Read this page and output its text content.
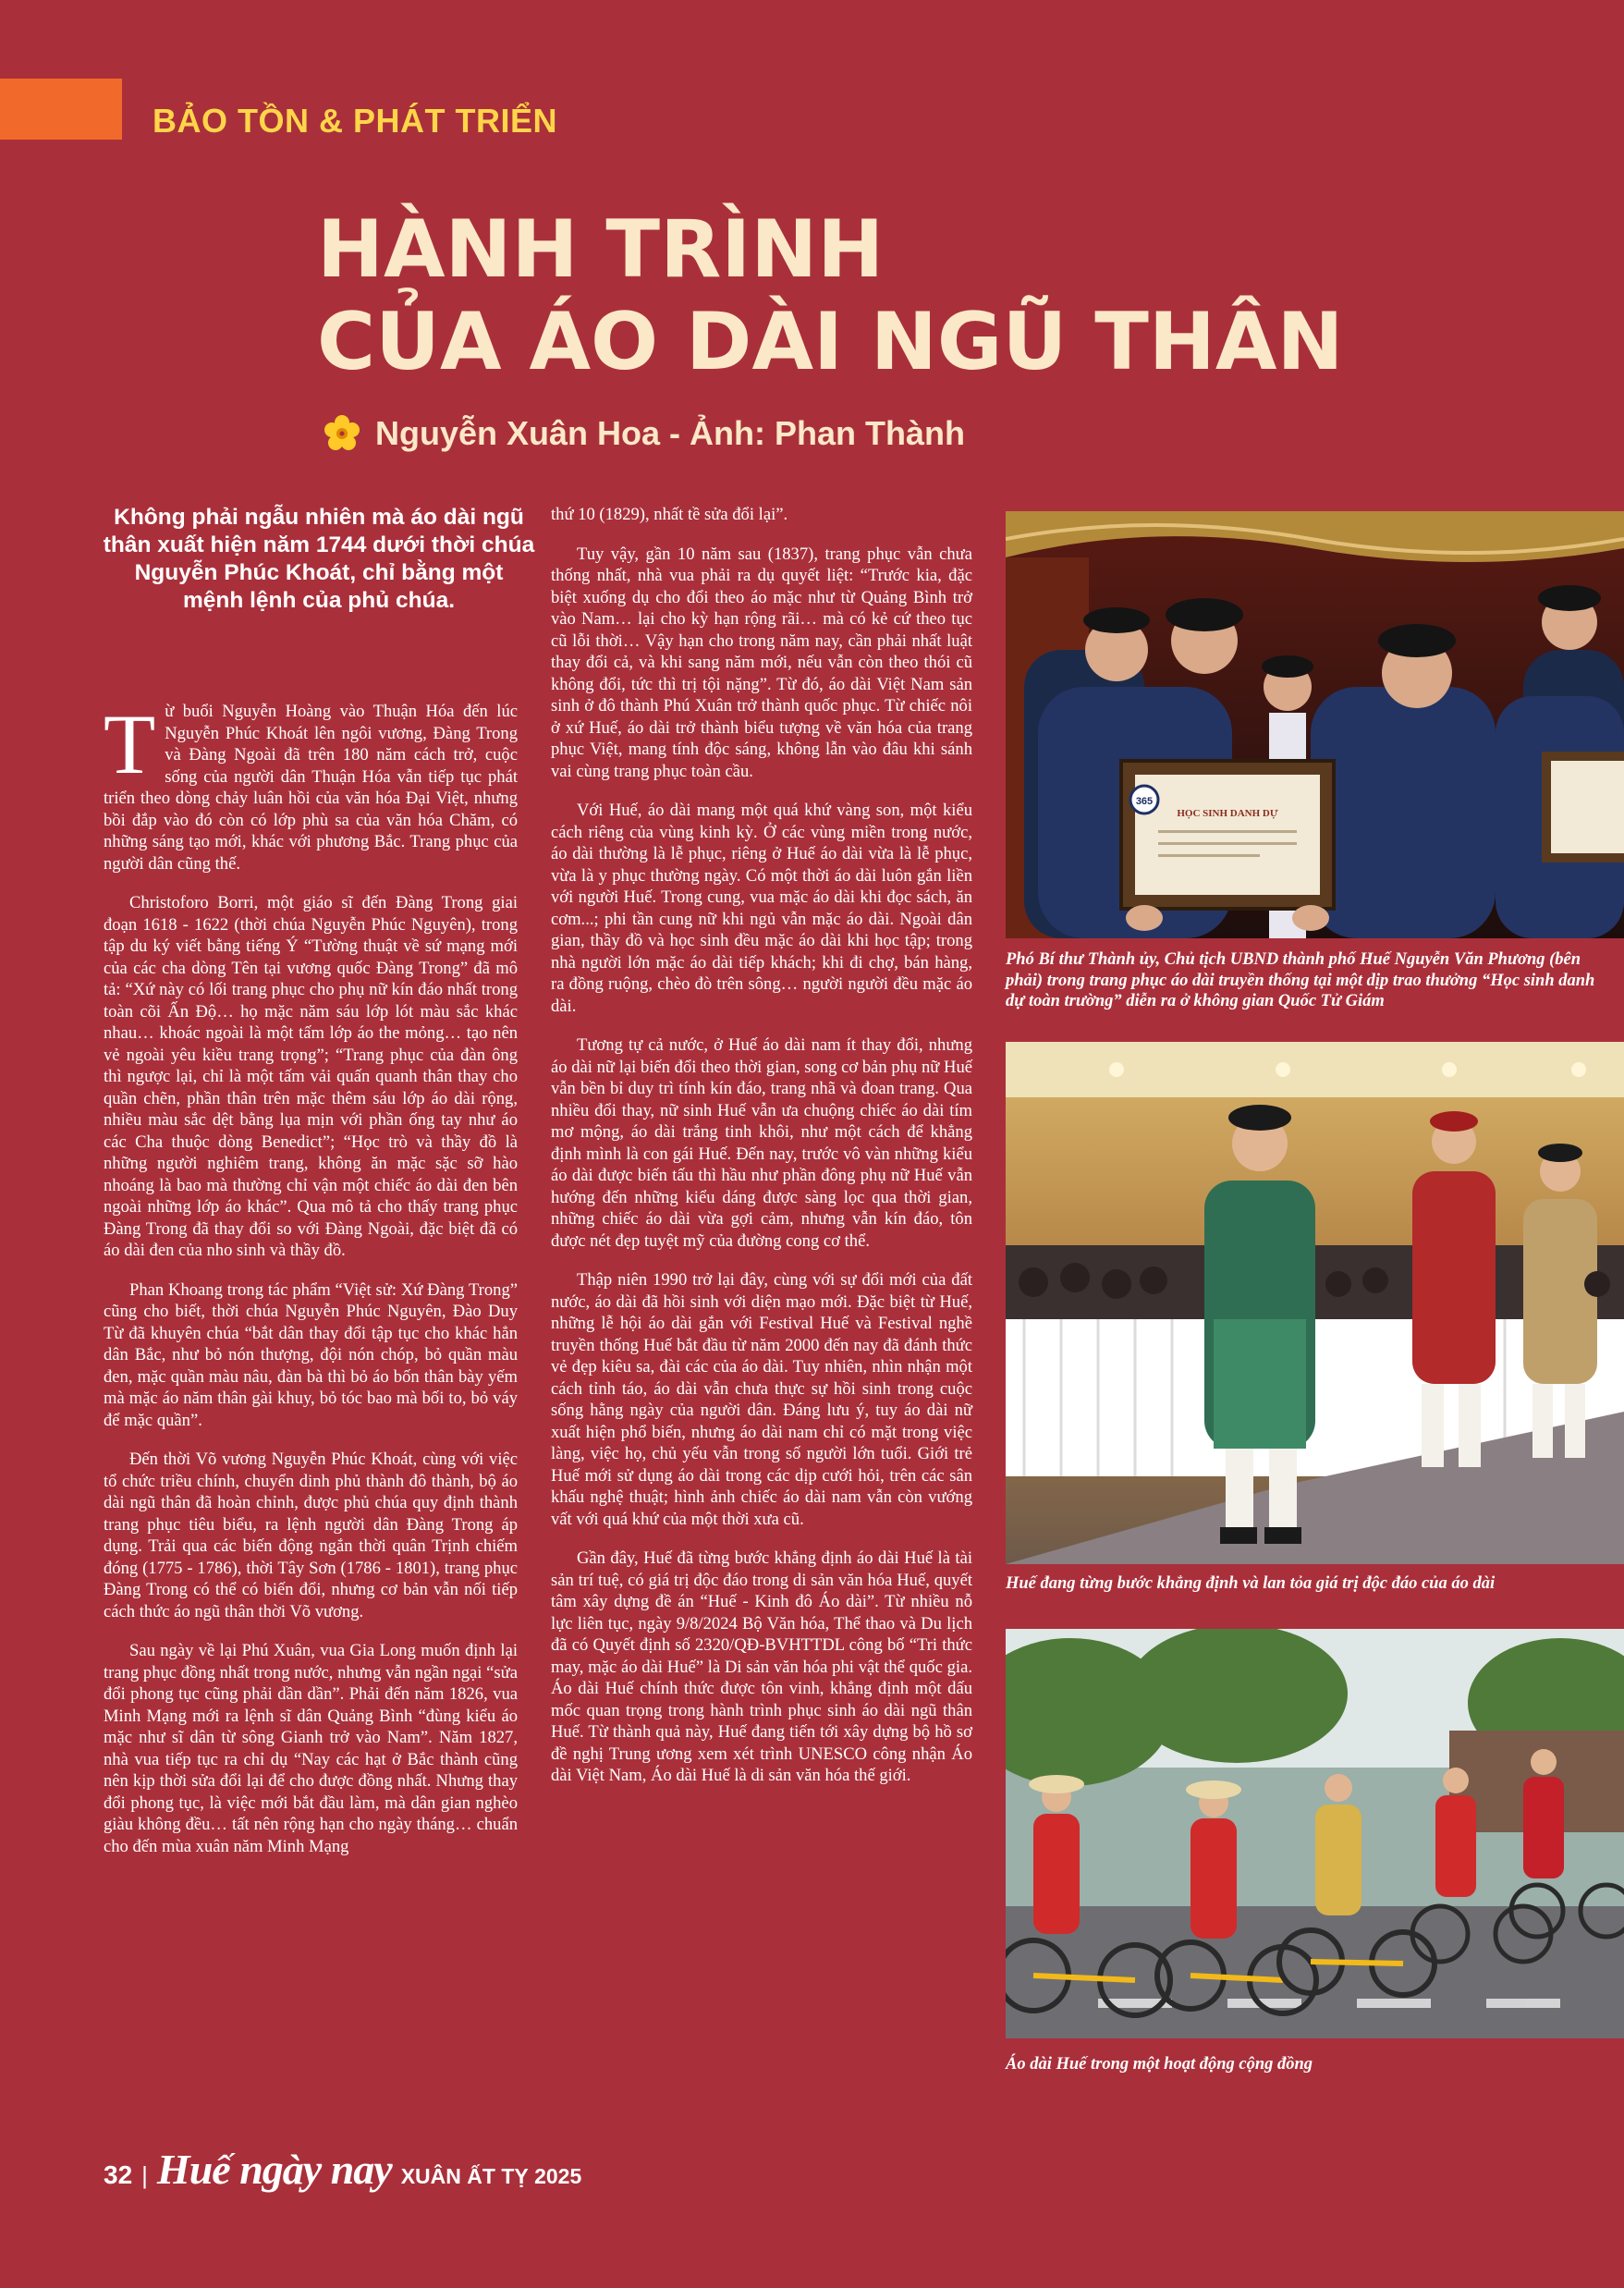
BẢO TỒN & PHÁT TRIỂN
HÀNH TRÌNH
CỦA ÁO DÀI NGŨ THÂN
Nguyễn Xuân Hoa - Ảnh: Phan Thành
Không phải ngẫu nhiên mà áo dài ngũ thân xuất hiện năm 1744 dưới thời chúa Nguyễn Phúc Khoát, chỉ bằng một mệnh lệnh của phủ chúa.

Từ buổi Nguyễn Hoàng vào Thuận Hóa đến lúc Nguyễn Phúc Khoát lên ngôi vương, Đàng Trong và Đàng Ngoài đã trên 180 năm cách trở, cuộc sống của người dân Thuận Hóa vẫn tiếp tục phát triển theo dòng chảy luân hồi của văn hóa Đại Việt, nhưng bồi đắp vào đó còn có lớp phù sa của văn hóa Chăm, có những sáng tạo mới, khác với phương Bắc. Trang phục của người dân cũng thế.

Christoforo Borri, một giáo sĩ đến Đàng Trong giai đoạn 1618 - 1622 (thời chúa Nguyễn Phúc Nguyên), trong tập du ký viết bằng tiếng Ý “Tường thuật về sứ mạng mới của các cha dòng Tên tại vương quốc Đàng Trong” đã mô tả: “Xứ này có lối trang phục cho phụ nữ kín đáo nhất trong toàn cõi Ấn Độ… họ mặc năm sáu lớp lót màu sắc khác nhau… khoác ngoài là một tấm lớp áo the mỏng… tạo nên vẻ ngoài yêu kiều trang trọng”; “Trang phục của đàn ông thì ngược lại, chỉ là một tấm vải quấn quanh thân thay cho quần chẽn, phần thân trên mặc thêm sáu lớp áo dài rộng, nhiều màu sắc dệt bằng lụa mịn với phần ống tay như áo các Cha thuộc dòng Benedict”; “Học trò và thầy đồ là những người nghiêm trang, không ăn mặc sặc sỡ hào nhoáng là bao mà thường chỉ vận một chiếc áo dài đen bên ngoài những lớp áo khác”. Qua mô tả cho thấy trang phục Đàng Trong đã thay đổi so với Đàng Ngoài, đặc biệt đã có áo dài đen của nho sinh và thầy đồ.

Phan Khoang trong tác phẩm “Việt sử: Xứ Đàng Trong” cũng cho biết, thời chúa Nguyễn Phúc Nguyên, Đào Duy Từ đã khuyên chúa “bắt dân thay đổi tập tục cho khác hẳn dân Bắc, như bỏ nón thượng, đội nón chóp, bỏ quần màu đen, mặc quần màu nâu, đàn bà thì bỏ áo bốn thân bày yếm mà mặc áo năm thân gài khuy, bỏ tóc bao mà bối to, bỏ váy để mặc quần”.

Đến thời Võ vương Nguyễn Phúc Khoát, cùng với việc tổ chức triều chính, chuyển dinh phủ thành đô thành, bộ áo dài ngũ thân đã hoàn chỉnh, được phủ chúa quy định thành trang phục tiêu biểu, ra lệnh người dân Đàng Trong áp dụng. Trải qua các biến động ngắn thời quân Trịnh chiếm đóng (1775 - 1786), thời Tây Sơn (1786 - 1801), trang phục Đàng Trong có thể có biến đổi, nhưng cơ bản vẫn nối tiếp cách thức áo ngũ thân thời Võ vương.

Sau ngày về lại Phú Xuân, vua Gia Long muốn định lại trang phục đồng nhất trong nước, nhưng vẫn ngần ngại “sửa đổi phong tục cũng phải dần dần”. Phải đến năm 1826, vua Minh Mạng mới ra lệnh sĩ dân Quảng Bình “đùng kiểu áo mặc như sĩ dân từ sông Gianh trở vào Nam”. Năm 1827, nhà vua tiếp tục ra chỉ dụ “Nay các hạt ở Bắc thành cũng nên kịp thời sửa đổi lại để cho được đồng nhất. Nhưng thay đổi phong tục, là việc mới bắt đầu làm, mà dân gian nghèo giàu không đều… tất nên rộng hạn cho ngày tháng… chuẩn cho đến mùa xuân năm Minh Mạng

thứ 10 (1829), nhất tề sửa đổi lại”.

Tuy vậy, gần 10 năm sau (1837), trang phục vẫn chưa thống nhất, nhà vua phải ra dụ quyết liệt: “Trước kia, đặc biệt xuống dụ cho đổi theo áo mặc như từ Quảng Bình trở vào Nam… lại cho kỳ hạn rộng rãi… mà có kẻ cứ theo tục cũ lỗi thời… Vậy hạn cho trong năm nay, cần phải nhất luật thay đổi cả, và khi sang năm mới, nếu vẫn còn theo thói cũ không đổi, tức thì trị tội nặng”. Từ đó, áo dài Việt Nam sản sinh ở đô thành Phú Xuân trở thành quốc phục. Từ chiếc nôi ở xứ Huế, áo dài trở thành biểu tượng về văn hóa của trang phục Việt, mang tính độc sáng, không lẫn vào đâu khi sánh vai cùng trang phục toàn cầu.

Với Huế, áo dài mang một quá khứ vàng son, một kiểu cách riêng của vùng kinh kỳ. Ở các vùng miền trong nước, áo dài thường là lễ phục, riêng ở Huế áo dài vừa là lễ phục, vừa là y phục thường ngày. Có một thời áo dài luôn gắn liền với người Huế. Trong cung, vua mặc áo dài khi đọc sách, ăn cơm...; phi tần cung nữ khi ngủ vẫn mặc áo dài. Ngoài dân gian, thầy đồ và học sinh đều mặc áo dài khi học tập; trong nhà người lớn mặc áo dài tiếp khách; khi đi chợ, bán hàng, ra đồng ruộng, chèo đò trên sông… người người đều mặc áo dài.

Tương tự cả nước, ở Huế áo dài nam ít thay đổi, nhưng áo dài nữ lại biến đổi theo thời gian, song cơ bản phụ nữ Huế vẫn bền bỉ duy trì tính kín đáo, trang nhã và đoan trang. Qua nhiều đổi thay, nữ sinh Huế vẫn ưa chuộng chiếc áo dài tím mơ mộng, áo dài trắng tinh khôi, như một cách để khẳng định mình là con gái Huế. Đến nay, trước vô vàn những kiểu áo dài được biến tấu thì hầu như phần đông phụ nữ Huế vẫn hướng đến những kiểu dáng được sàng lọc qua thời gian, những chiếc áo dài vừa gợi cảm, nhưng vẫn kín đáo, tôn được nét đẹp tuyệt mỹ của đường cong cơ thể.

Thập niên 1990 trở lại đây, cùng với sự đổi mới của đất nước, áo dài đã hồi sinh với diện mạo mới. Đặc biệt từ Huế, những lễ hội áo dài gắn với Festival Huế và Festival nghề truyền thống Huế bắt đầu từ năm 2000 đến nay đã đánh thức vẻ đẹp kiêu sa, đài các của áo dài. Tuy nhiên, nhìn nhận một cách tỉnh táo, áo dài vẫn chưa thực sự hồi sinh trong cuộc sống hằng ngày của người dân. Đáng lưu ý, tuy áo dài nữ xuất hiện phổ biến, nhưng áo dài nam chỉ có mặt trong việc làng, việc họ, chủ yếu vẫn trong số người lớn tuổi. Giới trẻ Huế mới sử dụng áo dài trong các dịp cưới hỏi, trên các sân khấu nghệ thuật; hình ảnh chiếc áo dài nam vẫn còn vướng vất với quá khứ của một thời xưa cũ.

Gần đây, Huế đã từng bước khẳng định áo dài Huế là tài sản trí tuệ, có giá trị độc đáo trong di sản văn hóa Huế, quyết tâm xây dựng đề án “Huế - Kinh đô Áo dài”. Từ nhiều nỗ lực liên tục, ngày 9/8/2024 Bộ Văn hóa, Thể thao và Du lịch đã có Quyết định số 2320/QĐ-BVHTTDL công bố “Tri thức may, mặc áo dài Huế” là Di sản văn hóa phi vật thể quốc gia. Áo dài Huế chính thức được tôn vinh, khẳng định một dấu mốc quan trọng trong hành trình phục sinh áo dài ngũ thân Huế. Từ thành quả này, Huế đang tiến tới xây dựng bộ hồ sơ đề nghị Trung ương xem xét trình UNESCO công nhận Áo dài Việt Nam, Áo dài Huế là di sản văn hóa thế giới.

HỌC SINH DANH DỰ
365
Phó Bí thư Thành ủy, Chủ tịch UBND thành phố Huế Nguyễn Văn Phương (bên phải) trong trang phục áo dài truyền thống tại một dịp trao thưởng “Học sinh danh dự toàn trường” diễn ra ở không gian Quốc Tử Giám
Huế đang từng bước khẳng định và lan tỏa giá trị độc đáo của áo dài
Áo dài Huế trong một hoạt động cộng đồng
32 | Huế ngày nay XUÂN ẤT TỴ 2025
